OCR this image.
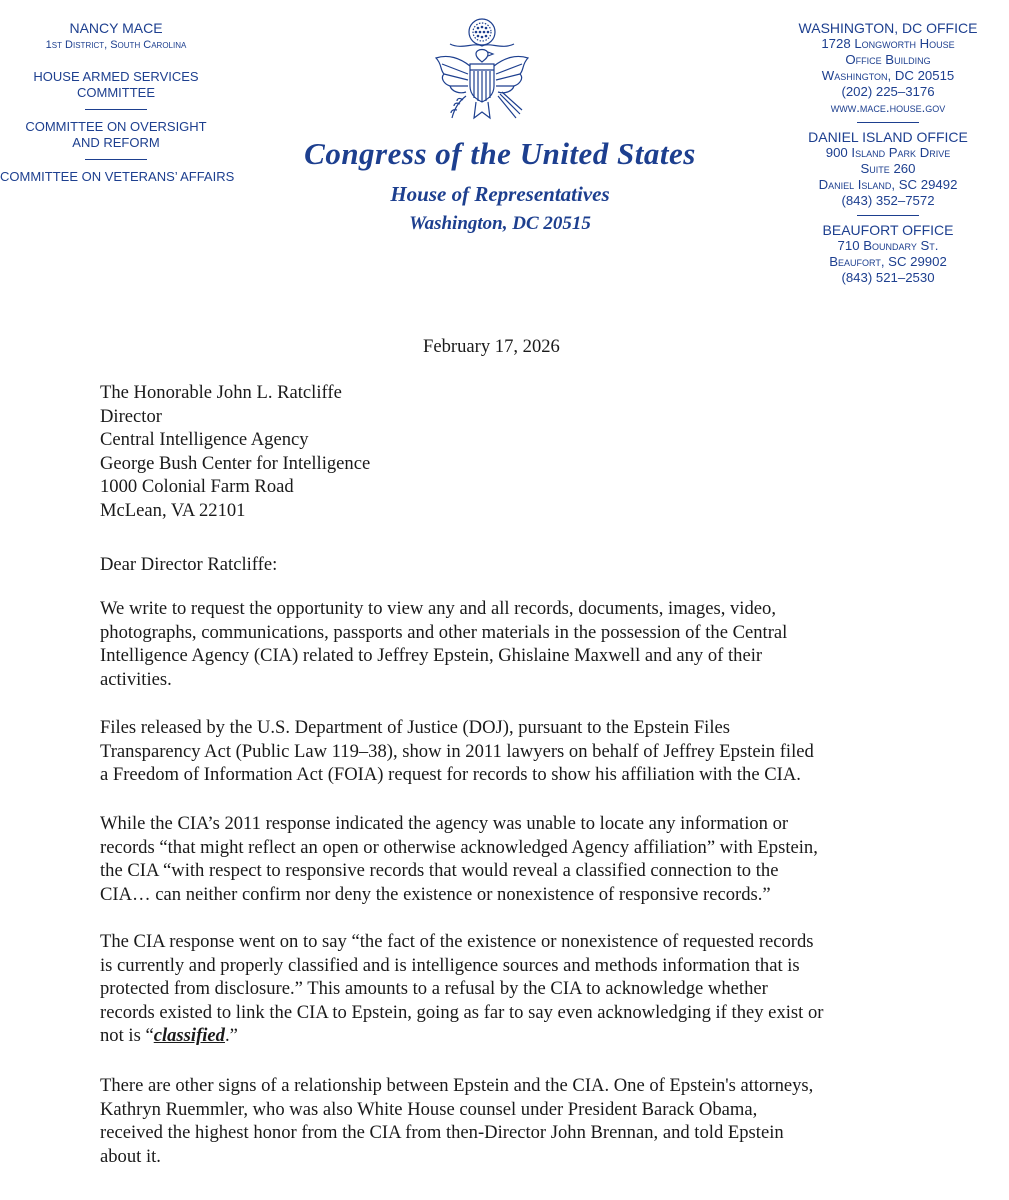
NANCY MACE
1st District, South Carolina
HOUSE ARMED SERVICES
COMMITTEE
COMMITTEE ON OVERSIGHT
AND REFORM
COMMITTEE ON VETERANS’ AFFAIRS
Congress of the United States
House of Representatives
Washington, DC 20515
WASHINGTON, DC OFFICE
1728 Longworth House
Office Building
Washington, DC 20515
(202) 225–3176
www.mace.house.gov
DANIEL ISLAND OFFICE
900 Island Park Drive
Suite 260
Daniel Island, SC 29492
(843) 352–7572
BEAUFORT OFFICE
710 Boundary St.
Beaufort, SC 29902
(843) 521–2530
February 17, 2026

The Honorable John L. Ratcliffe

Director

Central Intelligence Agency

George Bush Center for Intelligence

1000 Colonial Farm Road

McLean, VA 22101

Dear Director Ratcliffe:

We write to request the opportunity to view any and all records, documents, images, video,

photographs, communications, passports and other materials in the possession of the Central

Intelligence Agency (CIA) related to Jeffrey Epstein, Ghislaine Maxwell and any of their

activities.

Files released by the U.S. Department of Justice (DOJ), pursuant to the Epstein Files

Transparency Act (Public Law 119–38), show in 2011 lawyers on behalf of Jeffrey Epstein filed

a Freedom of Information Act (FOIA) request for records to show his affiliation with the CIA.

While the CIA’s 2011 response indicated the agency was unable to locate any information or

records “that might reflect an open or otherwise acknowledged Agency affiliation” with Epstein,

the CIA “with respect to responsive records that would reveal a classified connection to the

CIA… can neither confirm nor deny the existence or nonexistence of responsive records.”

The CIA response went on to say “the fact of the existence or nonexistence of requested records

is currently and properly classified and is intelligence sources and methods information that is

protected from disclosure.” This amounts to a refusal by the CIA to acknowledge whether

records existed to link the CIA to Epstein, going as far to say even acknowledging if they exist or

not is “classified.”

There are other signs of a relationship between Epstein and the CIA. One of Epstein's attorneys,

Kathryn Ruemmler, who was also White House counsel under President Barack Obama,

received the highest honor from the CIA from then-Director John Brennan, and told Epstein

about it.
